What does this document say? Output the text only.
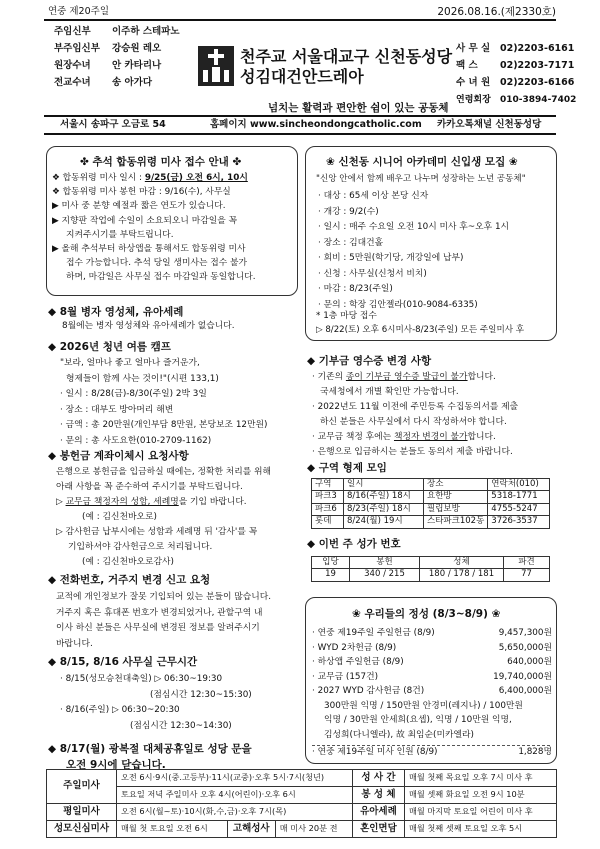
연중 제20주일	2026.08.16.(제2330호)
주임신부 이주하 스테파노
부주임신부 강승원 레오
원장수녀 안 카타리나
전교수녀 송 아가다
천주교 서울대교구 신천동성당
성김대건안드레아
넘치는 활력과 편안한 쉼이 있는 공동체
사 무 실 02)2203-6161
팩 스 02)2203-7171
수 녀 원 02)2203-6166
연령회장 010-3894-7402
서울시 송파구 오금로 54	홈페이지 www.sincheondongcatholic.com 카카오톡채널 신천동성당
✤ 추석 합동위령 미사 접수 안내 ✤
❖ 합동위령 미사 일시 : 9/25(금) 오전 6시, 10시
❖ 합동위령 미사 봉헌 마감 : 9/16(수), 사무실
▶ 미사 중 분향 예절과 짧은 연도가 있습니다.
▶ 지향판 작업에 수일이 소요되오니 마감일을 꼭
지켜주시기를 부탁드립니다.
▶ 올해 추석부터 하상앱을 통해서도 합동위령 미사
접수 가능합니다. 추석 당일 생미사는 접수 불가
하며, 마감일은 사무실 접수 마감일과 동일합니다.
◆ 8월 병자 영성체, 유아세례
8월에는 병자 영성체와 유아세례가 없습니다.
◆ 2026년 청년 여름 캠프
"보라, 얼마나 좋고 얼마나 즐거운가,
형제들이 함께 사는 것이!"(시편 133,1)
· 일시 : 8/28(금)-8/30(주일) 2박 3일
· 장소 : 대부도 방아머리 해변
· 금액 : 총 20만원(개인부담 8만원, 본당보조 12만원)
· 문의 : 총 사도요한(010-2709-1162)
◆ 봉헌금 계좌이체시 요청사항
은행으로 봉헌금을 입금하실 때에는, 정확한 처리를 위해
아래 사항을 꼭 준수하여 주시기를 부탁드립니다.
▷ 교무금 책정자의 성함, 세례명을 기입 바랍니다.
(예 : 김신천바오로)
▷ 감사헌금 납부시에는 성함과 세례명 뒤 '감사'를 꼭
기입하셔야 감사헌금으로 처리됩니다.
(예 : 김신천바오로감사)
◆ 전화번호, 거주지 변경 신고 요청
교적에 개인정보가 잘못 기입되어 있는 분들이 많습니다.
거주지 혹은 휴대폰 번호가 변경되었거나, 관할구역 내
이사 하신 분들은 사무실에 변경된 정보를 알려주시기
바랍니다.
◆ 8/15, 8/16 사무실 근무시간
· 8/15(성모승천대축일) ▷ 06:30~19:30
(점심시간 12:30~15:30)
· 8/16(주일) ▷ 06:30~20:30
(점심시간 12:30~14:30)
◆ 8/17(월) 광복절 대체공휴일로 성당 문을
오전 9시에 닫습니다.
❀ 신천동 시니어 아카데미 신입생 모집 ❀
"신앙 안에서 함께 배우고 나누며 성장하는 노년 공동체"
· 대상 : 65세 이상 본당 신자
· 개강 : 9/2(수)
· 일시 : 매주 수요일 오전 10시 미사 후~오후 1시
· 장소 : 김대건홀
· 회비 : 5만원(학기당, 개강일에 납부)
· 신청 : 사무실(신청서 비치)
· 마감 : 8/23(주일)
· 문의 : 학장 김안젤라(010-9084-6335)
* 1층 마당 접수
▷ 8/22(토) 오후 6시미사-8/23(주일) 모든 주일미사 후
◆ 기부금 영수증 변경 사항
· 기존의 종이 기부금 영수증 발급이 불가합니다.
국세청에서 개별 확인만 가능합니다.
· 2022년도 11월 이전에 주민등록 수집동의서를 제출
하신 분들은 사무실에서 다시 작성하셔야 합니다.
· 교무금 책정 후에는 책정자 변경이 불가합니다.
· 은행으로 입금하시는 분들도 동의서 제출 바랍니다.
◆ 구역 형제 모임
구역	일시	장소	연락처(010)
파크3	8/16(주일) 18시	요한방	5318-1771
파크6	8/23(주일) 18시	필립보방	4755-5247
롯데	8/24(월) 19시	스타파크102동	3726-3537
◆ 이번 주 성가 번호
입당	봉헌	성체	파견
19	340 / 215	180 / 178 / 181	77
❀ 우리들의 정성 (8/3~8/9) ❀
· 연중 제19주일 주일헌금 (8/9)	9,457,300원
· WYD 2차헌금 (8/9)	5,650,000원
· 하상앱 주일헌금 (8/9)	640,000원
· 교무금 (157건)	19,740,000원
· 2027 WYD 감사헌금 (8건)	6,400,000원
300만원 익명 / 150만원 안경미(레지나) / 100만원
익명 / 30만원 안세희(요셉), 익명 / 10만원 익명,
김성희(다니엘라), 故 최임순(미카엘라)
· 연중 제19주일 미사 인원 (8/9)	1,828명
주일미사	오전 6시·9시(중.고등부)·11시(교중)·오후 5시·7시(청년)			성 사 간	매월 첫째 목요일 오후 7시 미사 후
	토요일 저녁 주일미사 오후 4시(어린이)·오후 6시			봉 성 체	매월 셋째 화요일 오전 9시 10분
평일미사	오전 6시(월~토)·10시(화,수,금)·오후 7시(목)			유아세례	매월 마지막 토요일 어린이 미사 후
성모신심미사	매월 첫 토요일 오전 6시	고해성사	매 미사 20분 전	혼인면담	매월 첫째 셋째 토요일 오후 5시
